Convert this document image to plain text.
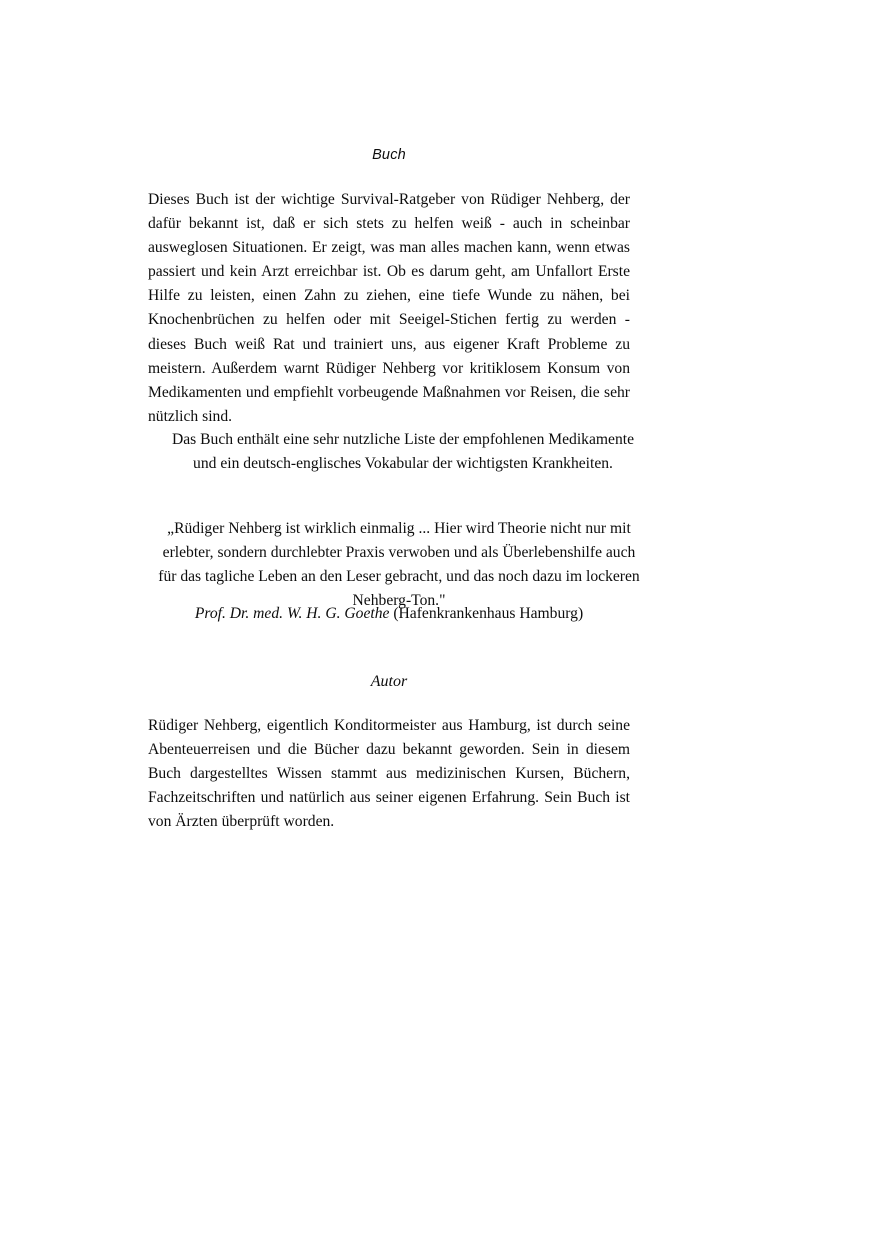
Buch

Dieses Buch ist der wichtige Survival-Ratgeber von Rüdiger Nehberg, der dafür bekannt ist, daß er sich stets zu helfen weiß - auch in scheinbar ausweglosen Situationen. Er zeigt, was man alles machen kann, wenn etwas passiert und kein Arzt erreichbar ist. Ob es darum geht, am Unfallort Erste Hilfe zu leisten, einen Zahn zu ziehen, eine tiefe Wunde zu nähen, bei Knochenbrüchen zu helfen oder mit Seeigel-Stichen fertig zu werden - dieses Buch weiß Rat und trainiert uns, aus eigener Kraft Probleme zu meistern. Außerdem warnt Rüdiger Nehberg vor kritiklosem Konsum von Medikamenten und empfiehlt vorbeugende Maßnahmen vor Reisen, die sehr nützlich sind.

Das Buch enthält eine sehr nutzliche Liste der empfohlenen Medikamente und ein deutsch-englisches Vokabular der wichtigsten Krankheiten.

„Rüdiger Nehberg ist wirklich einmalig ... Hier wird Theorie nicht nur mit erlebter, sondern durchlebter Praxis verwoben und als Überlebenshilfe auch für das tagliche Leben an den Leser gebracht, und das noch dazu im lockeren Nehberg-Ton."

Prof. Dr. med. W. H. G. Goethe (Hafenkrankenhaus Hamburg)

Autor

Rüdiger Nehberg, eigentlich Konditormeister aus Hamburg, ist durch seine Abenteuerreisen und die Bücher dazu bekannt geworden. Sein in diesem Buch dargestelltes Wissen stammt aus medizinischen Kursen, Büchern, Fachzeitschriften und natürlich aus seiner eigenen Erfahrung. Sein Buch ist von Ärzten überprüft worden.
